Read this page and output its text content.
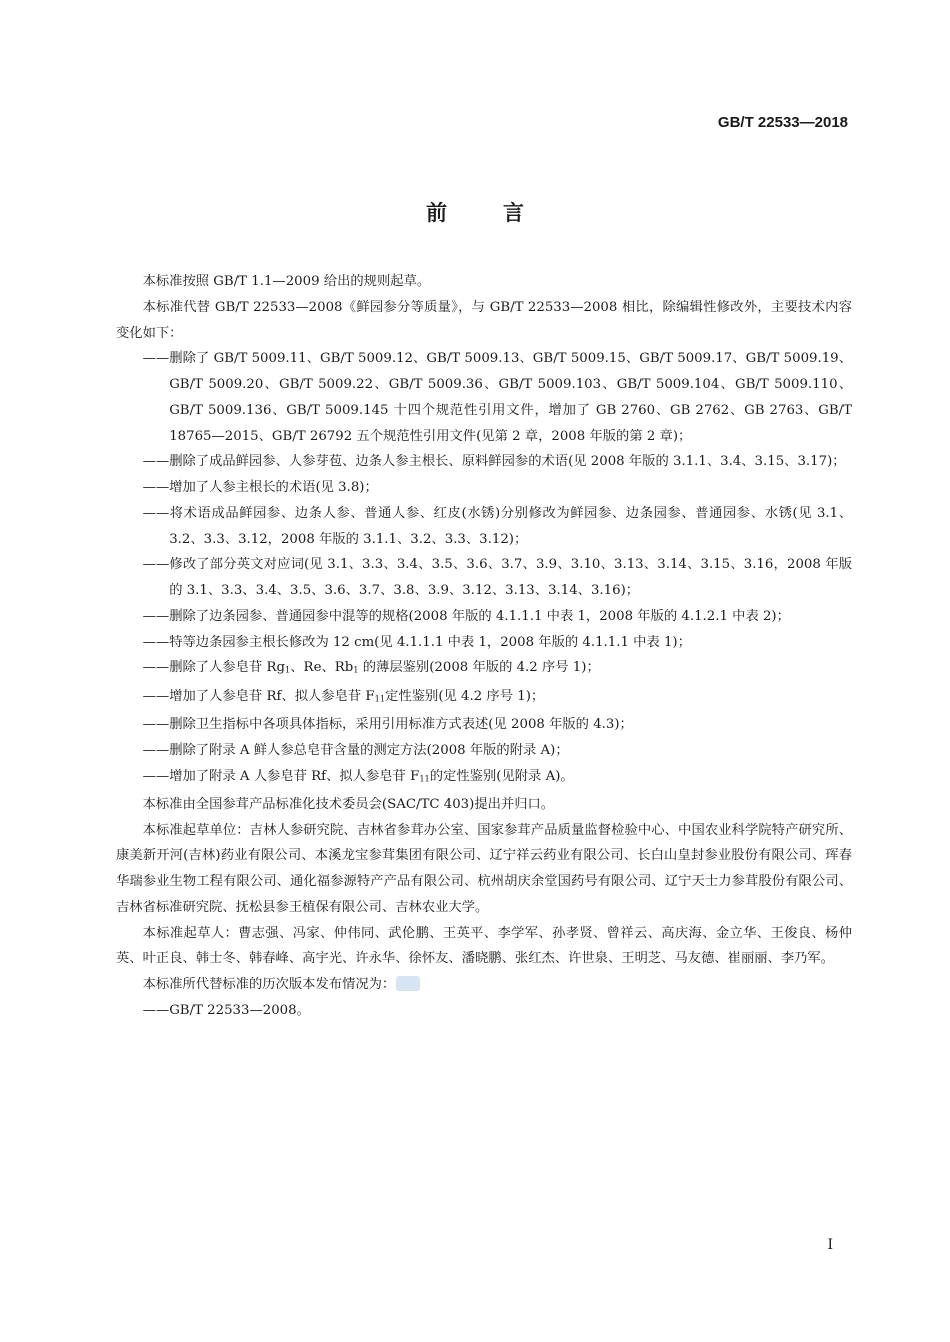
GB/T 22533—2018
前	言

本标准按照 GB/T 1.1—2009 给出的规则起草。

本标准代替 GB/T 22533—2008《鲜园参分等质量》，与 GB/T 22533—2008 相比，除编辑性修改外，主要技术内容变化如下：

——删除了 GB/T 5009.11、GB/T 5009.12、GB/T 5009.13、GB/T 5009.15、GB/T 5009.17、GB/T 5009.19、GB/T 5009.20、GB/T 5009.22、GB/T 5009.36、GB/T 5009.103、GB/T 5009.104、GB/T 5009.110、GB/T 5009.136、GB/T 5009.145 十四个规范性引用文件，增加了 GB 2760、GB 2762、GB 2763、GB/T 18765—2015、GB/T 26792 五个规范性引用文件(见第 2 章，2008 年版的第 2 章)；

——删除了成品鲜园参、人参芽苞、边条人参主根长、原料鲜园参的术语(见 2008 年版的 3.1.1、3.4、3.15、3.17)；

——增加了人参主根长的术语(见 3.8)；

——将术语成品鲜园参、边条人参、普通人参、红皮(水锈)分别修改为鲜园参、边条园参、普通园参、水锈(见 3.1、3.2、3.3、3.12，2008 年版的 3.1.1、3.2、3.3、3.12)；

——修改了部分英文对应词(见 3.1、3.3、3.4、3.5、3.6、3.7、3.9、3.10、3.13、3.14、3.15、3.16，2008 年版的 3.1、3.3、3.4、3.5、3.6、3.7、3.8、3.9、3.12、3.13、3.14、3.16)；

——删除了边条园参、普通园参中混等的规格(2008 年版的 4.1.1.1 中表 1，2008 年版的 4.1.2.1 中表 2)；

——特等边条园参主根长修改为 12 cm(见 4.1.1.1 中表 1，2008 年版的 4.1.1.1 中表 1)；

——删除了人参皂苷 Rg1、Re、Rb1 的薄层鉴别(2008 年版的 4.2 序号 1)；

——增加了人参皂苷 Rf、拟人参皂苷 F11定性鉴别(见 4.2 序号 1)；

——删除卫生指标中各项具体指标，采用引用标准方式表述(见 2008 年版的 4.3)；

——删除了附录 A 鲜人参总皂苷含量的测定方法(2008 年版的附录 A)；

——增加了附录 A 人参皂苷 Rf、拟人参皂苷 F11的定性鉴别(见附录 A)。

本标准由全国参茸产品标准化技术委员会(SAC/TC 403)提出并归口。

本标准起草单位：吉林人参研究院、吉林省参茸办公室、国家参茸产品质量监督检验中心、中国农业科学院特产研究所、康美新开河(吉林)药业有限公司、本溪龙宝参茸集团有限公司、辽宁祥云药业有限公司、长白山皇封参业股份有限公司、珲春华瑞参业生物工程有限公司、通化福参源特产产品有限公司、杭州胡庆余堂国药号有限公司、辽宁天士力参茸股份有限公司、吉林省标准研究院、抚松县参王植保有限公司、吉林农业大学。

本标准起草人：曹志强、冯家、仲伟同、武伦鹏、王英平、李学军、孙孝贤、曾祥云、高庆海、金立华、王俊良、杨仲英、叶正良、韩士冬、韩春峰、高宇光、许永华、徐怀友、潘晓鹏、张红杰、许世泉、王明芝、马友德、崔丽丽、李乃军。

本标准所代替标准的历次版本发布情况为：

——GB/T 22533—2008。

I
